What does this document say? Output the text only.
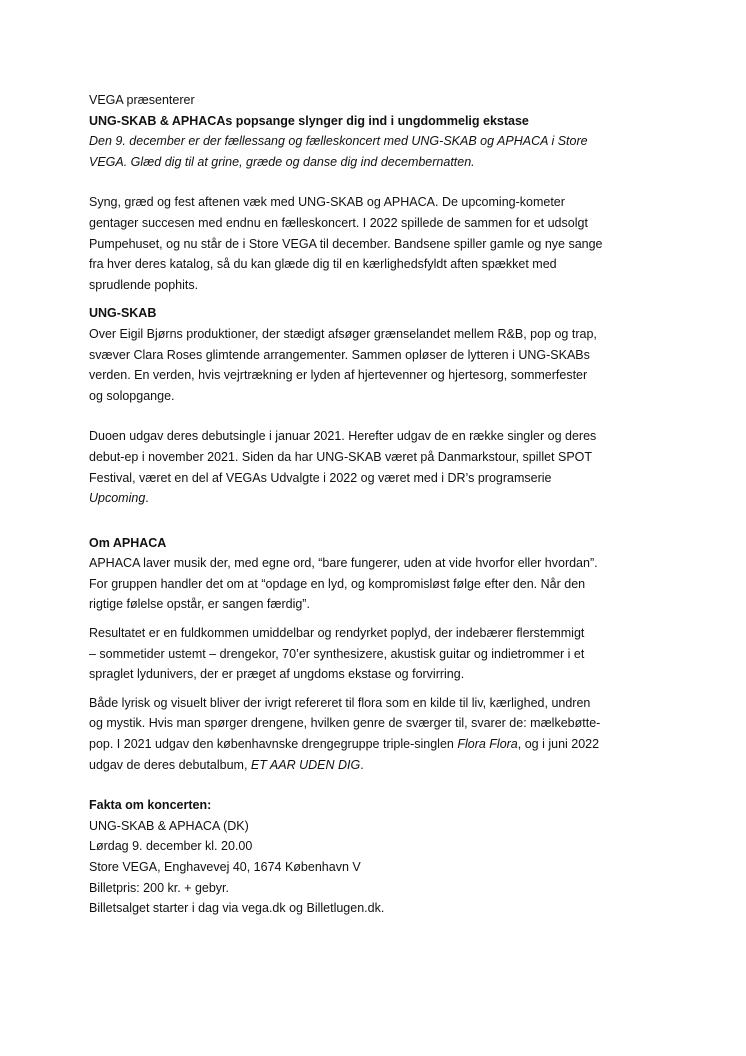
VEGA præsenterer

UNG-SKAB & APHACAs popsange slynger dig ind i ungdommelig ekstase

Den 9. december er der fællessang og fælleskoncert med UNG-SKAB og APHACA i Store

VEGA. Glæd dig til at grine, græde og danse dig ind decembernatten.

Syng, græd og fest aftenen væk med UNG-SKAB og APHACA. De upcoming-kometer

gentager succesen med endnu en fælleskoncert. I 2022 spillede de sammen for et udsolgt

Pumpehuset, og nu står de i Store VEGA til december. Bandsene spiller gamle og nye sange

fra hver deres katalog, så du kan glæde dig til en kærlighedsfyldt aften spækket med

sprudlende pophits.

UNG-SKAB

Over Eigil Bjørns produktioner, der stædigt afsøger grænselandet mellem R&B, pop og trap,

svæver Clara Roses glimtende arrangementer. Sammen opløser de lytteren i UNG-SKABs

verden. En verden, hvis vejrtrækning er lyden af hjertevenner og hjertesorg, sommerfester

og solopgange.

Duoen udgav deres debutsingle i januar 2021. Herefter udgav de en række singler og deres

debut-ep i november 2021. Siden da har UNG-SKAB været på Danmarkstour, spillet SPOT

Festival, været en del af VEGAs Udvalgte i 2022 og været med i DR’s programserie

Upcoming.

Om APHACA

APHACA laver musik der, med egne ord, “bare fungerer, uden at vide hvorfor eller hvordan”.

For gruppen handler det om at “opdage en lyd, og kompromisløst følge efter den. Når den

rigtige følelse opstår, er sangen færdig”.

Resultatet er en fuldkommen umiddelbar og rendyrket poplyd, der indebærer flerstemmigt

– sommetider ustemt – drengekor, 70’er synthesizere, akustisk guitar og indietrommer i et

spraglet lydunivers, der er præget af ungdoms ekstase og forvirring.

Både lyrisk og visuelt bliver der ivrigt refereret til flora som en kilde til liv, kærlighed, undren

og mystik. Hvis man spørger drengene, hvilken genre de sværger til, svarer de: mælkebøtte-

pop. I 2021 udgav den københavnske drengegruppe triple-singlen Flora Flora, og i juni 2022

udgav de deres debutalbum, ET AAR UDEN DIG.

Fakta om koncerten:

UNG-SKAB & APHACA (DK)

Lørdag 9. december kl. 20.00

Store VEGA, Enghavevej 40, 1674 København V

Billetpris: 200 kr. + gebyr.

Billetsalget starter i dag via vega.dk og Billetlugen.dk.
